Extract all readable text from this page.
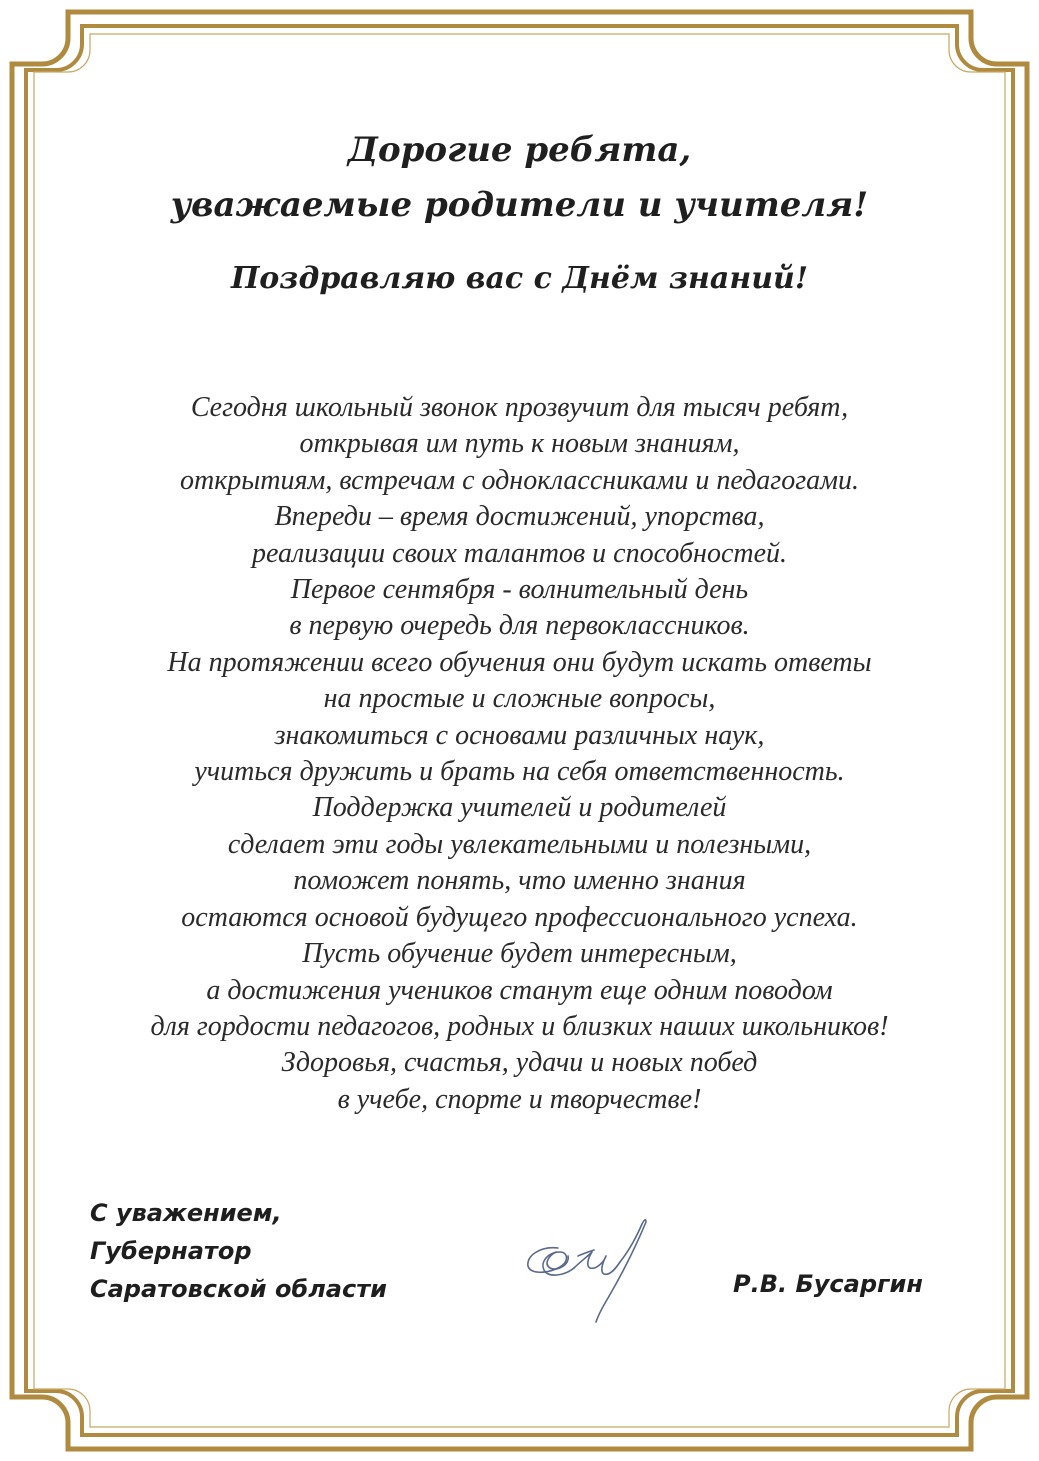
Дорогие ребята,
уважаемые родители и учителя!
Поздравляю вас с Днём знаний!
Сегодня школьный звонок прозвучит для тысяч ребят,
открывая им путь к новым знаниям,
открытиям, встречам с одноклассниками и педагогами.
Впереди – время достижений, упорства,
реализации своих талантов и способностей.
Первое сентября - волнительный день
в первую очередь для первоклассников.
На протяжении всего обучения они будут искать ответы
на простые и сложные вопросы,
знакомиться с основами различных наук,
учиться дружить и брать на себя ответственность.
Поддержка учителей и родителей
сделает эти годы увлекательными и полезными,
поможет понять, что именно знания
остаются основой будущего профессионального успеха.
Пусть обучение будет интересным,
а достижения учеников станут еще одним поводом
для гордости педагогов, родных и близких наших школьников!
Здоровья, счастья, удачи и новых побед
в учебе, спорте и творчестве!
С уважением,
Губернатор
Саратовской области	Р.В. Бусаргин
